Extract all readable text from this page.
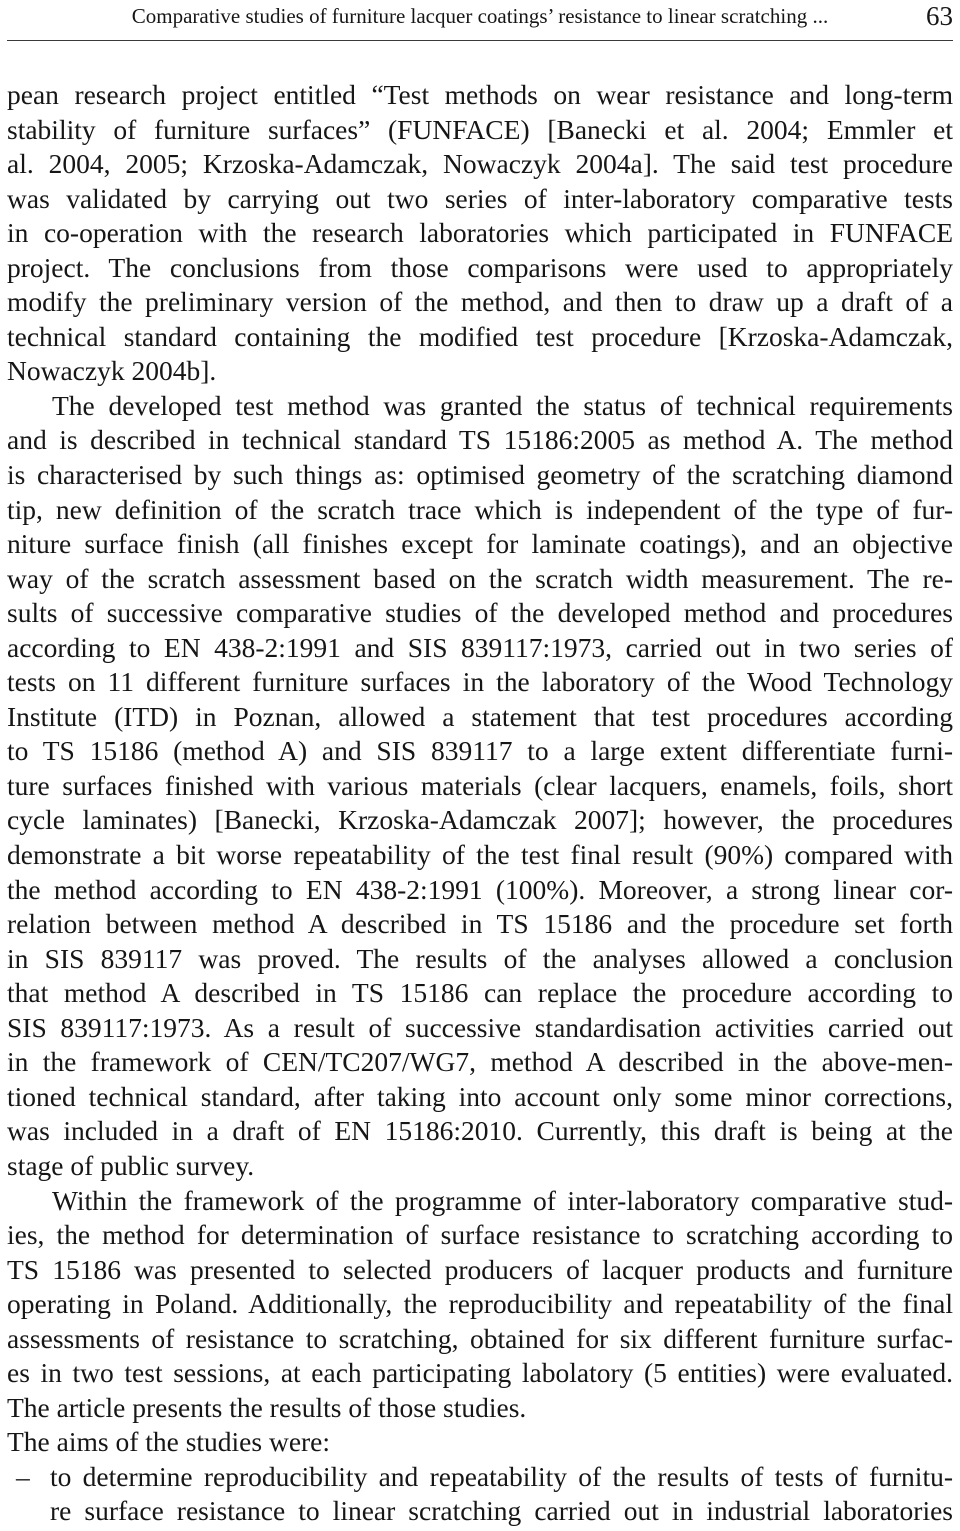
Comparative studies of furniture lacquer coatings’ resistance to linear scratching ...	63
pean research project entitled “Test methods on wear resistance and long-term
stability of furniture surfaces” (FUNFACE) [Banecki et al. 2004; Emmler et
al. 2004, 2005; Krzoska-Adamczak, Nowaczyk 2004a]. The said test procedure
was validated by carrying out two series of inter-laboratory comparative tests
in co-operation with the research laboratories which participated in FUNFACE
project. The conclusions from those comparisons were used to appropriately
modify the preliminary version of the method, and then to draw up a draft of a
technical standard containing the modified test procedure [Krzoska-Adamczak,
Nowaczyk 2004b].
The developed test method was granted the status of technical requirements
and is described in technical standard TS 15186:2005 as method A. The method
is characterised by such things as: optimised geometry of the scratching diamond
tip, new definition of the scratch trace which is independent of the type of fur-
niture surface finish (all finishes except for laminate coatings), and an objective
way of the scratch assessment based on the scratch width measurement. The re-
sults of successive comparative studies of the developed method and procedures
according to EN 438-2:1991 and SIS 839117:1973, carried out in two series of
tests on 11 different furniture surfaces in the laboratory of the Wood Technology
Institute (ITD) in Poznan, allowed a statement that test procedures according
to TS 15186 (method A) and SIS 839117 to a large extent differentiate furni-
ture surfaces finished with various materials (clear lacquers, enamels, foils, short
cycle laminates) [Banecki, Krzoska-Adamczak 2007]; however, the procedures
demonstrate a bit worse repeatability of the test final result (90%) compared with
the method according to EN 438-2:1991 (100%). Moreover, a strong linear cor-
relation between method A described in TS 15186 and the procedure set forth
in SIS 839117 was proved. The results of the analyses allowed a conclusion
that method A described in TS 15186 can replace the procedure according to
SIS 839117:1973. As a result of successive standardisation activities carried out
in the framework of CEN/TC207/WG7, method A described in the above-men-
tioned technical standard, after taking into account only some minor corrections,
was included in a draft of EN 15186:2010. Currently, this draft is being at the
stage of public survey.
Within the framework of the programme of inter-laboratory comparative stud-
ies, the method for determination of surface resistance to scratching according to
TS 15186 was presented to selected producers of lacquer products and furniture
operating in Poland. Additionally, the reproducibility and repeatability of the final
assessments of resistance to scratching, obtained for six different furniture surfac-
es in two test sessions, at each participating labolatory (5 entities) were evaluated.
The article presents the results of those studies.
The aims of the studies were:
– to determine reproducibility and repeatability of the results of tests of furnitu-
re surface resistance to linear scratching carried out in industrial laboratories
